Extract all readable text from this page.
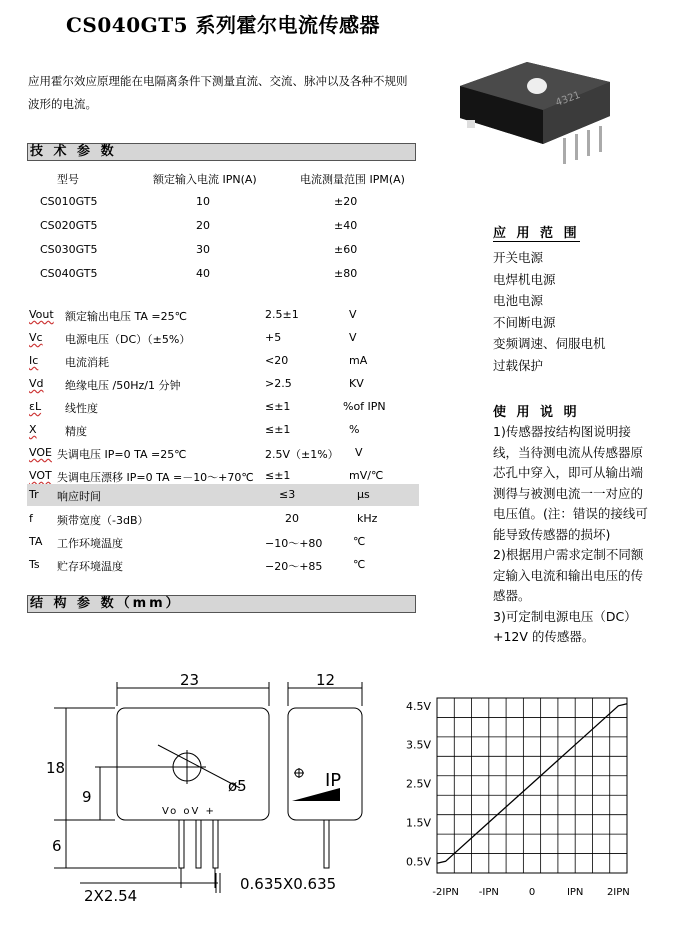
CS040GT5 系列霍尔电流传感器
应用霍尔效应原理能在电隔离条件下测量直流、交流、脉冲以及各种不规则波形的电流。	4321
技 术 参 数
型号	额定输入电流 IPN(A)	电流测量范围 IPM(A)
CS010GT5	10	±20
CS020GT5	20	±40
CS030GT5	30	±60
CS040GT5	40	±80
Vout 额定输出电压 TA =25℃	2.5±1	V
Vc 电源电压（DC）（±5%）	+5	V
Ic 电流消耗	<20	mA
Vd 绝缘电压 /50Hz/1 分钟	>2.5	KV
εL 线性度	≤±1	%of IPN
X	精度	≤±1	%
VOE 失调电压 IP=0 TA =25℃	2.5V（±1%） V
VOT 失调电压漂移 IP=0 TA =－10～+70℃ ≤±1	mV/℃
Tr 响应时间	≤3	μs
f 频带宽度（-3dB）	20	kHz
TA 工作环境温度	−10～+80	℃
Ts 贮存环境温度	−20～+85	℃
结 构 参 数（mm）
应 用 范 围
开关电源
电焊机电源
电池电源
不间断电源
变频调速、伺服电机
过载保护
使 用 说 明
1)传感器按结构图说明接线，当待测电流从传感器原芯孔中穿入，即可从输出端测得与被测电流一一对应的电压值。(注：错误的接线可能导致传感器的损坏)
2)根据用户需求定制不同额定输入电流和输出电压的传感器。
3)可定制电源电压（DC）+12V 的传感器。
23	12
18
9
6
ø5
2X2.54
0.635X0.635
IP
Vo oV +
0.5V
1.5V
2.5V
3.5V
4.5V
-2IPN -IPN	0	IPN 2IPN
